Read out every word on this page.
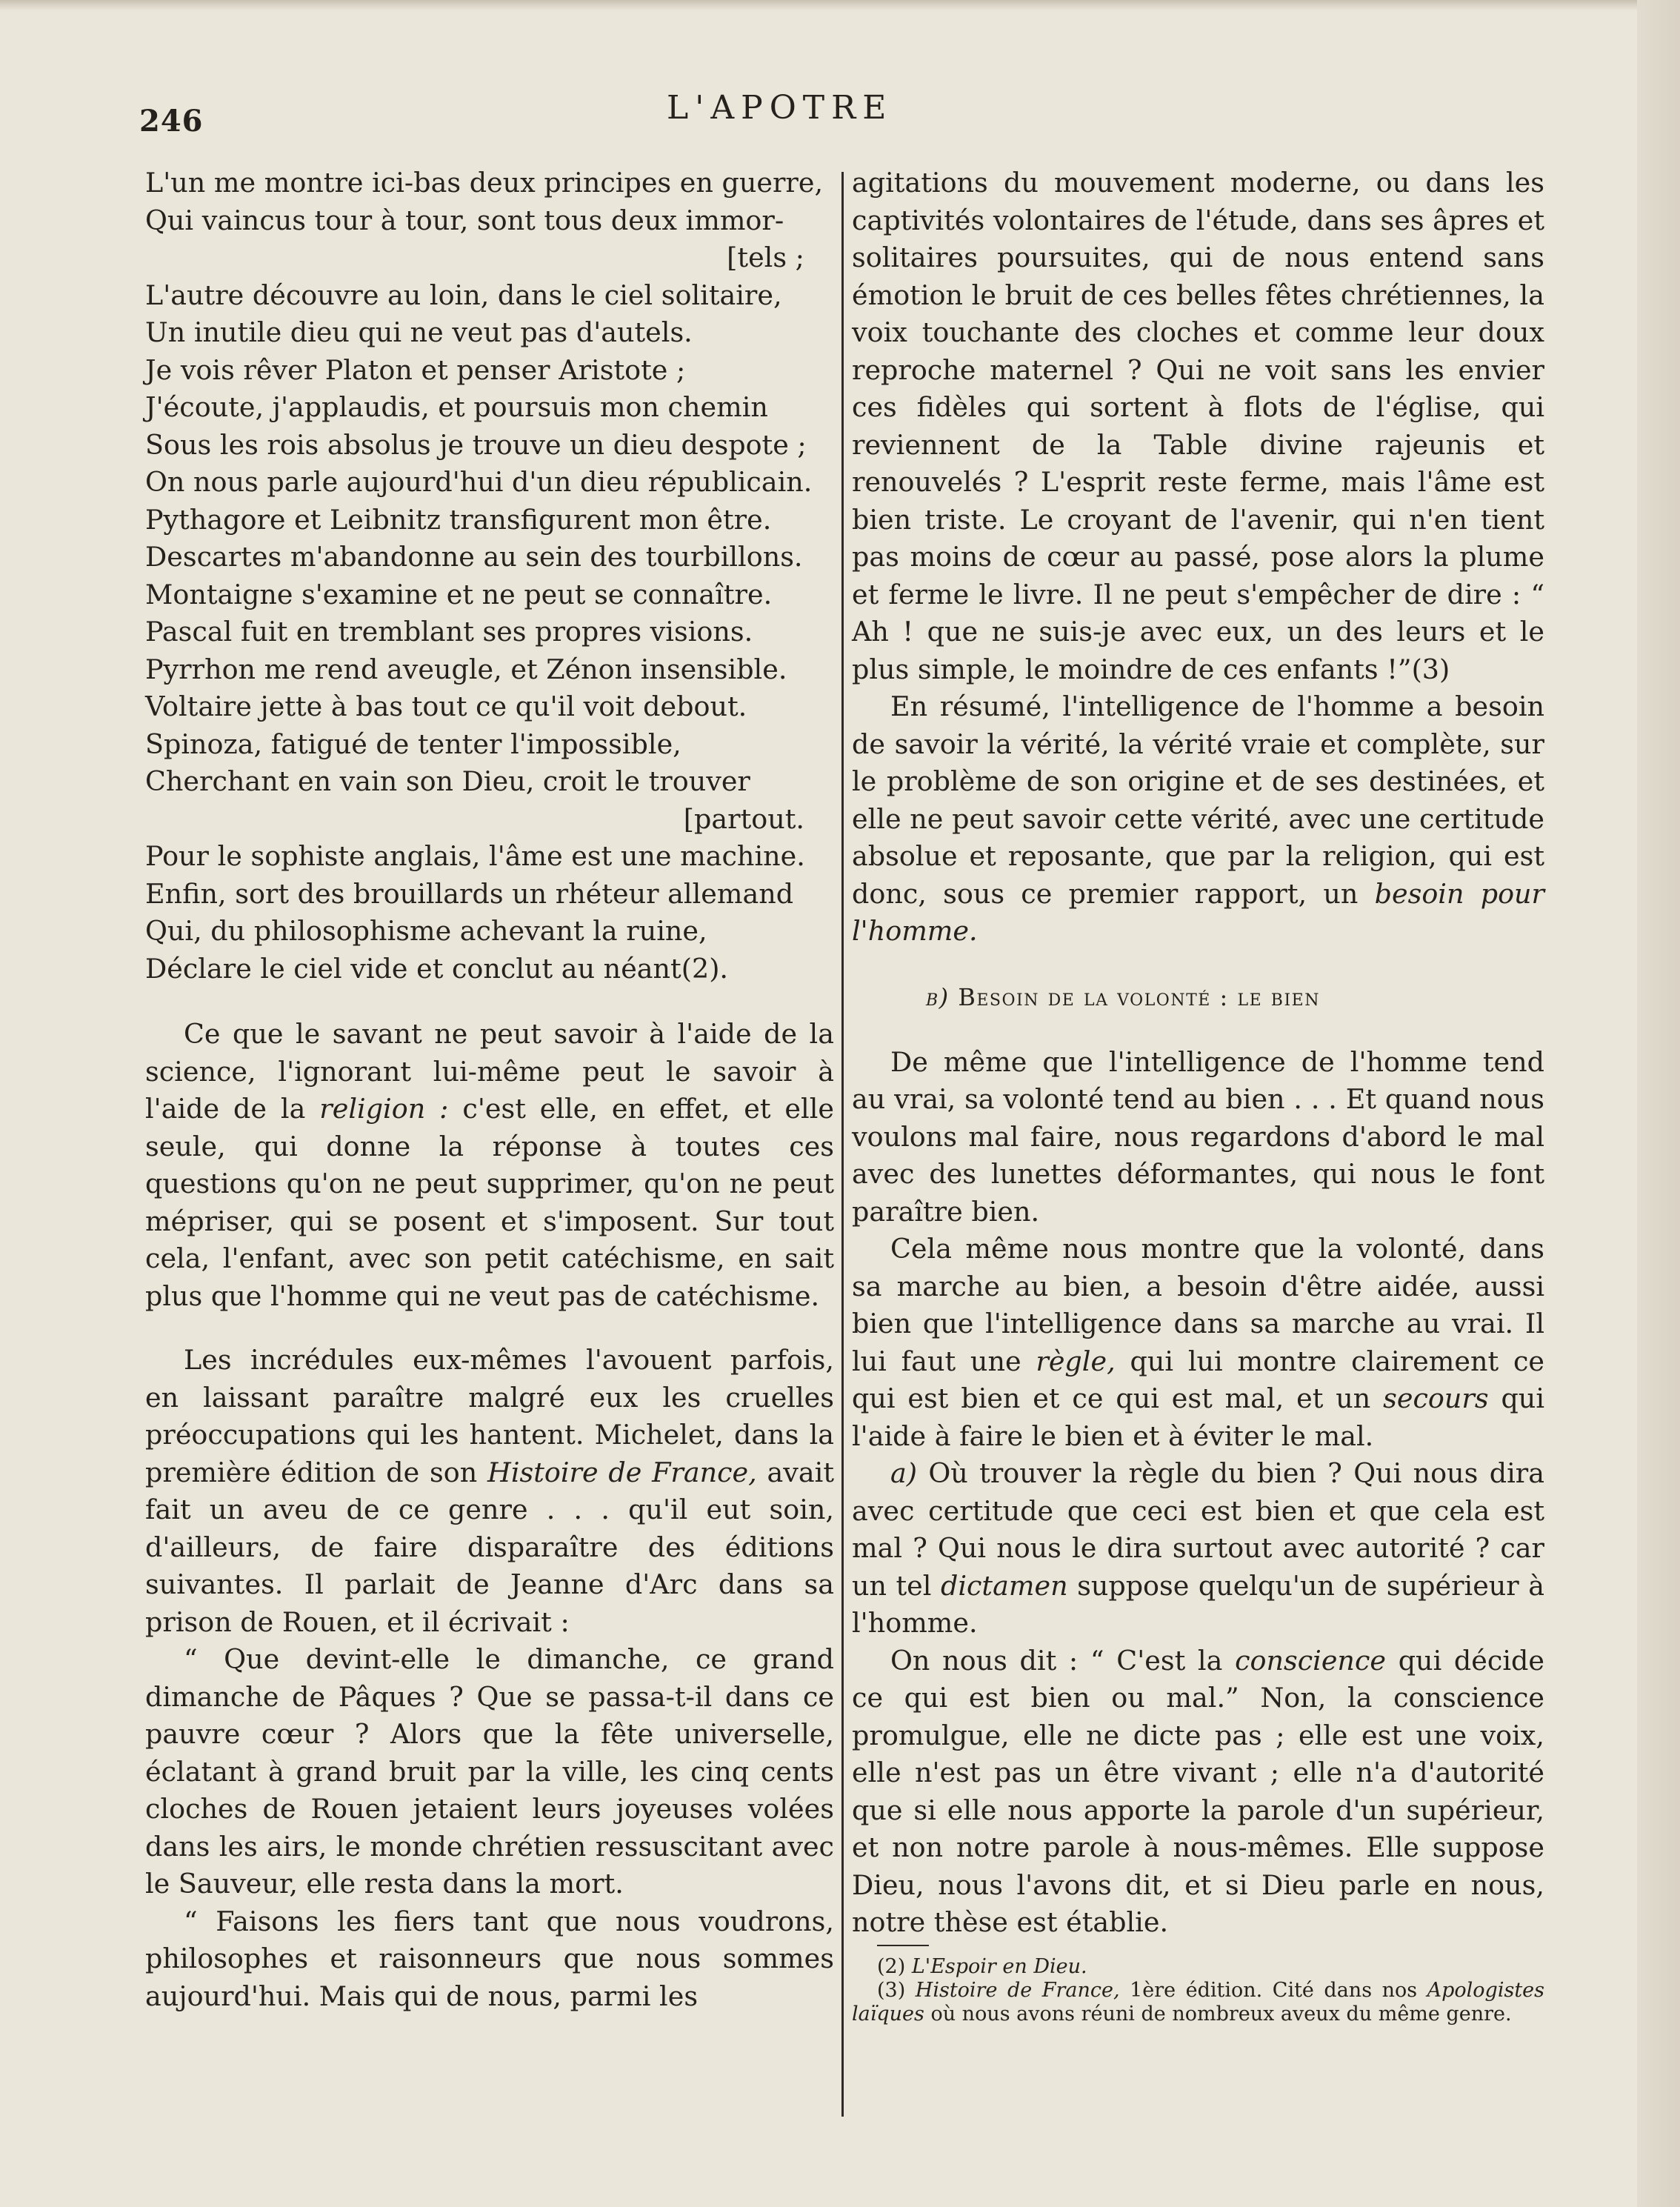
246	L'APOTRE
L'un me montre ici-bas deux principes en guerre,
Qui vaincus tour à tour, sont tous deux immor-
[tels ;
L'autre découvre au loin, dans le ciel solitaire,
Un inutile dieu qui ne veut pas d'autels.
Je vois rêver Platon et penser Aristote ;
J'écoute, j'applaudis, et poursuis mon chemin
Sous les rois absolus je trouve un dieu despote ;
On nous parle aujourd'hui d'un dieu républicain.
Pythagore et Leibnitz transfigurent mon être.
Descartes m'abandonne au sein des tourbillons.
Montaigne s'examine et ne peut se connaître.
Pascal fuit en tremblant ses propres visions.
Pyrrhon me rend aveugle, et Zénon insensible.
Voltaire jette à bas tout ce qu'il voit debout.
Spinoza, fatigué de tenter l'impossible,
Cherchant en vain son Dieu, croit le trouver
[partout.
Pour le sophiste anglais, l'âme est une machine.
Enfin, sort des brouillards un rhéteur allemand
Qui, du philosophisme achevant la ruine,
Déclare le ciel vide et conclut au néant(2).

Ce que le savant ne peut savoir à l'aide de la science, l'ignorant lui-même peut le savoir à l'aide de la religion : c'est elle, en effet, et elle seule, qui donne la réponse à toutes ces questions qu'on ne peut supprimer, qu'on ne peut mépriser, qui se posent et s'imposent. Sur tout cela, l'enfant, avec son petit catéchisme, en sait plus que l'homme qui ne veut pas de catéchisme.

Les incrédules eux-mêmes l'avouent parfois, en laissant paraître malgré eux les cruelles préoccupations qui les hantent. Michelet, dans la première édition de son Histoire de France, avait fait un aveu de ce genre . . . qu'il eut soin, d'ailleurs, de faire disparaître des éditions suivantes. Il parlait de Jeanne d'Arc dans sa prison de Rouen, et il écrivait :

“ Que devint-elle le dimanche, ce grand dimanche de Pâques ? Que se passa-t-il dans ce pauvre cœur ? Alors que la fête universelle, éclatant à grand bruit par la ville, les cinq cents cloches de Rouen jetaient leurs joyeuses volées dans les airs, le monde chrétien ressuscitant avec le Sauveur, elle resta dans la mort.

“ Faisons les fiers tant que nous voudrons, philosophes et raisonneurs que nous sommes aujourd'hui. Mais qui de nous, parmi les

agitations du mouvement moderne, ou dans les captivités volontaires de l'étude, dans ses âpres et solitaires poursuites, qui de nous entend sans émotion le bruit de ces belles fêtes chrétiennes, la voix touchante des cloches et comme leur doux reproche maternel ? Qui ne voit sans les envier ces fidèles qui sortent à flots de l'église, qui reviennent de la Table divine rajeunis et renouvelés ? L'esprit reste ferme, mais l'âme est bien triste. Le croyant de l'avenir, qui n'en tient pas moins de cœur au passé, pose alors la plume et ferme le livre. Il ne peut s'empêcher de dire : “ Ah ! que ne suis-je avec eux, un des leurs et le plus simple, le moindre de ces enfants !”(3)

En résumé, l'intelligence de l'homme a besoin de savoir la vérité, la vérité vraie et complète, sur le problème de son origine et de ses destinées, et elle ne peut savoir cette vérité, avec une certitude absolue et reposante, que par la religion, qui est donc, sous ce premier rapport, un besoin pour l'homme.

b) Besoin de la volonté : le bien

De même que l'intelligence de l'homme tend au vrai, sa volonté tend au bien . . . Et quand nous voulons mal faire, nous regardons d'abord le mal avec des lunettes déformantes, qui nous le font paraître bien.

Cela même nous montre que la volonté, dans sa marche au bien, a besoin d'être aidée, aussi bien que l'intelligence dans sa marche au vrai. Il lui faut une règle, qui lui montre clairement ce qui est bien et ce qui est mal, et un secours qui l'aide à faire le bien et à éviter le mal.

a) Où trouver la règle du bien ? Qui nous dira avec certitude que ceci est bien et que cela est mal ? Qui nous le dira surtout avec autorité ? car un tel dictamen suppose quelqu'un de supérieur à l'homme.

On nous dit : “ C'est la conscience qui décide ce qui est bien ou mal.” Non, la conscience promulgue, elle ne dicte pas ; elle est une voix, elle n'est pas un être vivant ; elle n'a d'autorité que si elle nous apporte la parole d'un supérieur, et non notre parole à nous-mêmes. Elle suppose Dieu, nous l'avons dit, et si Dieu parle en nous, notre thèse est établie.

(2) L'Espoir en Dieu.
(3) Histoire de France, 1ère édition. Cité dans nos Apologistes laïques où nous avons réuni de nombreux aveux du même genre.
